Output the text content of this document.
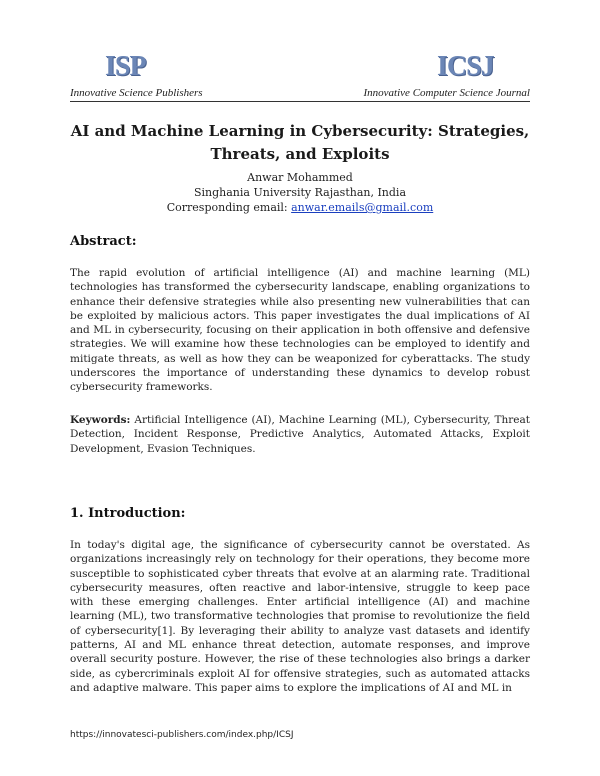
ISP	ICSJ
Innovative Science Publishers	Innovative Computer Science Journal
AI and Machine Learning in Cybersecurity: Strategies, Threats, and Exploits
Anwar Mohammed
Singhania University Rajasthan, India
Corresponding email: anwar.emails@gmail.com
Abstract:
The rapid evolution of artificial intelligence (AI) and machine learning (ML) technologies has transformed the cybersecurity landscape, enabling organizations to enhance their defensive strategies while also presenting new vulnerabilities that can be exploited by malicious actors. This paper investigates the dual implications of AI and ML in cybersecurity, focusing on their application in both offensive and defensive strategies. We will examine how these technologies can be employed to identify and mitigate threats, as well as how they can be weaponized for cyberattacks. The study underscores the importance of understanding these dynamics to develop robust cybersecurity frameworks.
Keywords: Artificial Intelligence (AI), Machine Learning (ML), Cybersecurity, Threat Detection, Incident Response, Predictive Analytics, Automated Attacks, Exploit Development, Evasion Techniques.
1. Introduction:
In today's digital age, the significance of cybersecurity cannot be overstated. As organizations increasingly rely on technology for their operations, they become more susceptible to sophisticated cyber threats that evolve at an alarming rate. Traditional cybersecurity measures, often reactive and labor-intensive, struggle to keep pace with these emerging challenges. Enter artificial intelligence (AI) and machine learning (ML), two transformative technologies that promise to revolutionize the field of cybersecurity[1]. By leveraging their ability to analyze vast datasets and identify patterns, AI and ML enhance threat detection, automate responses, and improve overall security posture. However, the rise of these technologies also brings a darker side, as cybercriminals exploit AI for offensive strategies, such as automated attacks and adaptive malware. This paper aims to explore the implications of AI and ML in
https://innovatesci-publishers.com/index.php/ICSJ
